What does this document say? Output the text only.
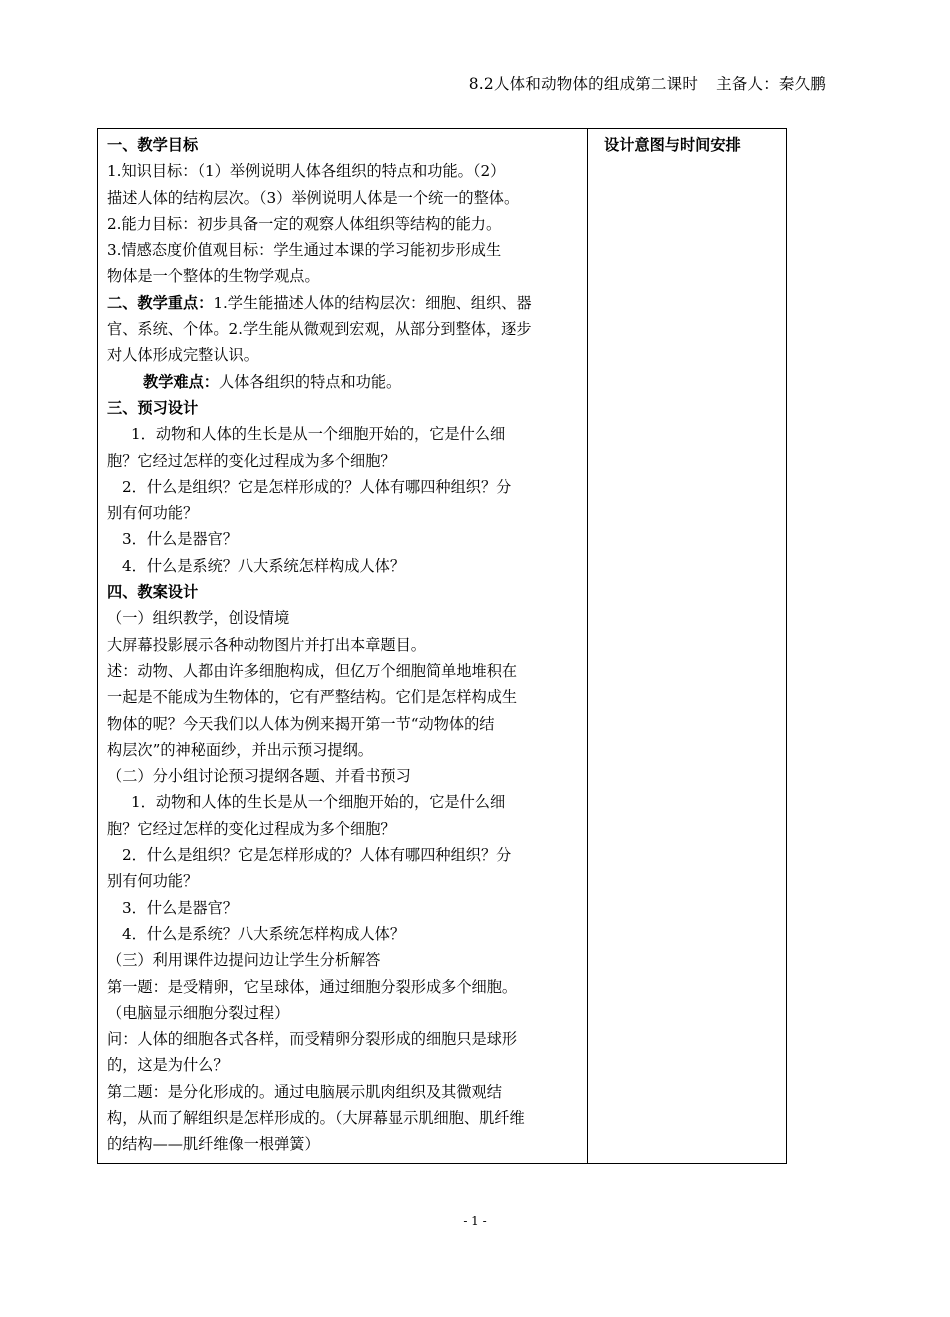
8.2人体和动物体的组成第二课时 主备人：秦久鹏
一、教学目标
1.知识目标：（1）举例说明人体各组织的特点和功能。（2）
描述人体的结构层次。（3）举例说明人体是一个统一的整体。
2.能力目标：初步具备一定的观察人体组织等结构的能力。
3.情感态度价值观目标：学生通过本课的学习能初步形成生
物体是一个整体的生物学观点。
二、教学重点：1.学生能描述人体的结构层次：细胞、组织、器
官、系统、个体。2.学生能从微观到宏观，从部分到整体，逐步
对人体形成完整认识。
教学难点：人体各组织的特点和功能。
三、预习设计
1．动物和人体的生长是从一个细胞开始的，它是什么细
胞？它经过怎样的变化过程成为多个细胞？
2．什么是组织？它是怎样形成的？人体有哪四种组织？分
别有何功能？
3．什么是器官？
4．什么是系统？八大系统怎样构成人体？
四、教案设计
（一）组织教学，创设情境
大屏幕投影展示各种动物图片并打出本章题目。
述：动物、人都由许多细胞构成，但亿万个细胞简单地堆积在
一起是不能成为生物体的，它有严整结构。它们是怎样构成生
物体的呢？今天我们以人体为例来揭开第一节“动物体的结
构层次”的神秘面纱，并出示预习提纲。
（二）分小组讨论预习提纲各题、并看书预习
1．动物和人体的生长是从一个细胞开始的，它是什么细
胞？它经过怎样的变化过程成为多个细胞？
2．什么是组织？它是怎样形成的？人体有哪四种组织？分
别有何功能？
3．什么是器官？
4．什么是系统？八大系统怎样构成人体？
（三）利用课件边提问边让学生分析解答
第一题：是受精卵，它呈球体，通过细胞分裂形成多个细胞。
（电脑显示细胞分裂过程）
问：人体的细胞各式各样，而受精卵分裂形成的细胞只是球形
的，这是为什么？
第二题：是分化形成的。通过电脑展示肌肉组织及其微观结
构，从而了解组织是怎样形成的。（大屏幕显示肌细胞、肌纤维
的结构——肌纤维像一根弹簧）

设计意图与时间安排
- 1 -
